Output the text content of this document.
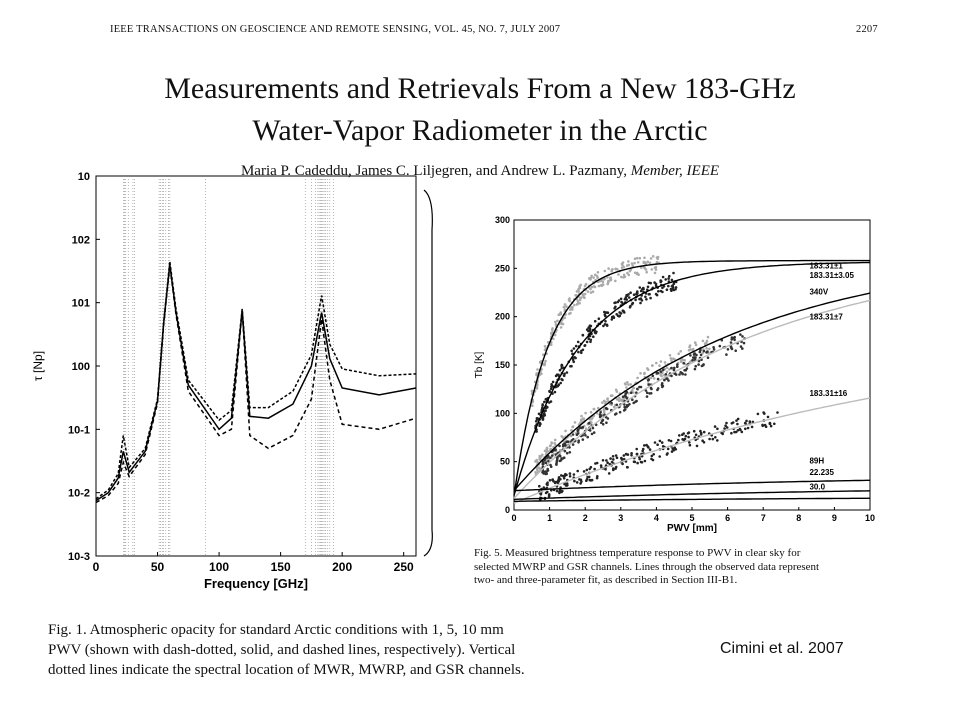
IEEE TRANSACTIONS ON GEOSCIENCE AND REMOTE SENSING, VOL. 45, NO. 7, JULY 2007	2207
Measurements and Retrievals From a New 183-GHz
Water-Vapor Radiometer in the Arctic
Maria P. Cadeddu, James C. Liljegren, and Andrew L. Pazmany, Member, IEEE
0	50	100	150	200	250
10-3
10-2
10-1
100
101
102
10
Frequency [GHz]
τ [Np]
183.31±1
183.31±3.05
340V
183.31±7
183.31±16
89H
22.235
30.0
0	1	2	3	4	5	6	7	8	9	10
0
50
100
150
200
250
300
PWV [mm]
Tb [K]
Fig. 5. Measured brightness temperature response to PWV in clear sky for
selected MWRP and GSR channels. Lines through the observed data represent
two- and three-parameter fit, as described in Section III-B1.
Fig. 1. Atmospheric opacity for standard Arctic conditions with 1, 5, 10 mm
PWV (shown with dash-dotted, solid, and dashed lines, respectively). Vertical
dotted lines indicate the spectral location of MWR, MWRP, and GSR channels.
Cimini et al. 2007
